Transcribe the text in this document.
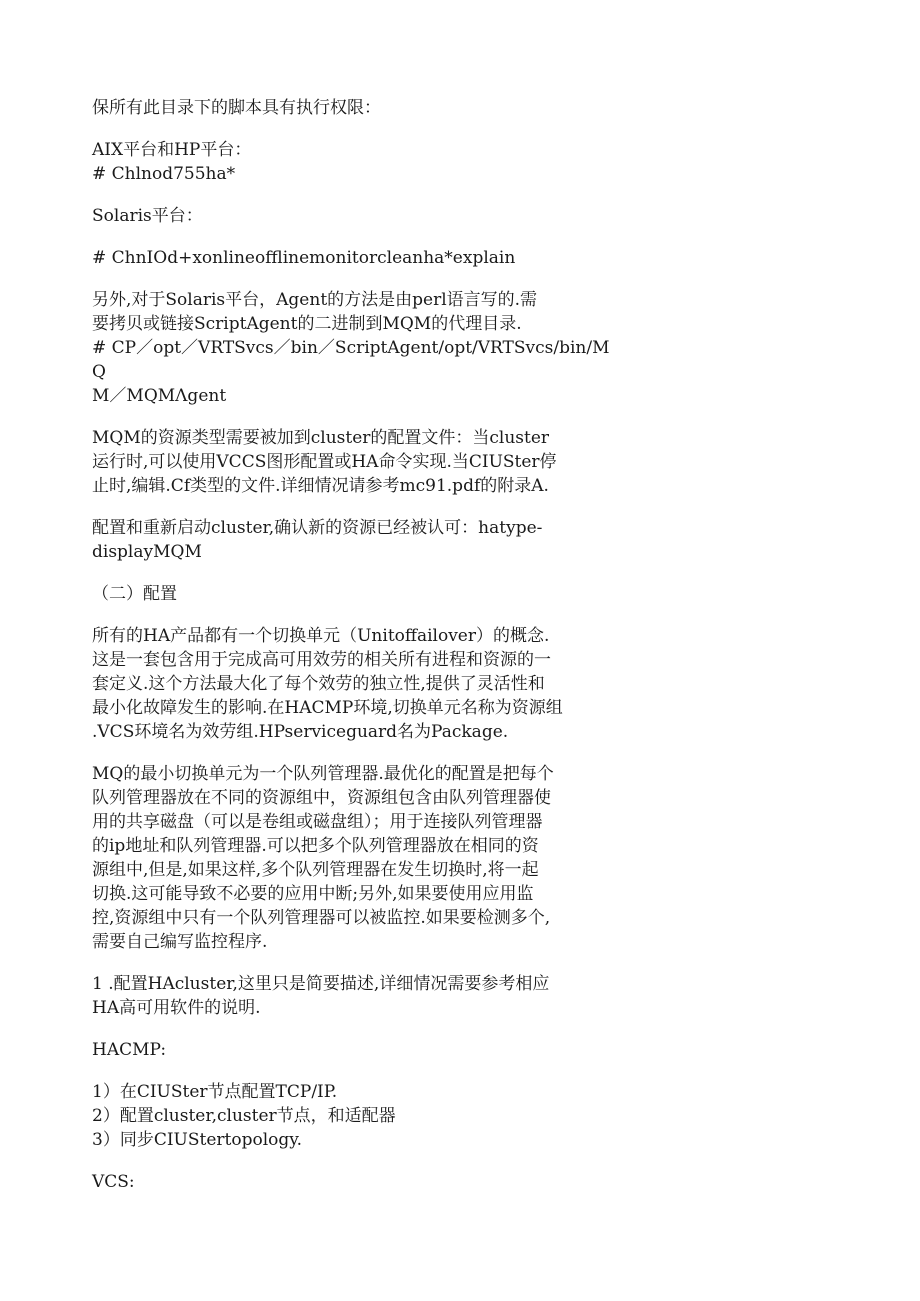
保所有此目录下的脚本具有执行权限：

AIX平台和HP平台：
# Chlnod755ha*

Solaris平台：

# ChnIOd+xonlineofflinemonitorcleanha*explain

另外,对于Solaris平台，Agent的方法是由perl语言写的.需
要拷贝或链接ScriptAgent的二进制到MQM的代理目录.
# CP／opt／VRTSvcs／bin／ScriptAgent/opt/VRTSvcs/bin/MQ
M／MQMΛgent

MQM的资源类型需要被加到cluster的配置文件：当cluster
运行时,可以使用VCCS图形配置或HA命令实现.当CIUSter停
止时,编辑.Cf类型的文件.详细情况请参考mc91.pdf的附录A.

配置和重新启动cluster,确认新的资源已经被认可：hatype-
displayMQM

（二）配置

所有的HA产品都有一个切换单元（Unitoffailover）的概念.
这是一套包含用于完成高可用效劳的相关所有进程和资源的一
套定义.这个方法最大化了每个效劳的独立性,提供了灵活性和
最小化故障发生的影响.在HACMP环境,切换单元名称为资源组
.VCS环境名为效劳组.HPserviceguard名为Package.

MQ的最小切换单元为一个队列管理器.最优化的配置是把每个
队列管理器放在不同的资源组中，资源组包含由队列管理器使
用的共享磁盘（可以是卷组或磁盘组）；用于连接队列管理器
的ip地址和队列管理器.可以把多个队列管理器放在相同的资
源组中,但是,如果这样,多个队列管理器在发生切换时,将一起
切换.这可能导致不必要的应用中断;另外,如果要使用应用监
控,资源组中只有一个队列管理器可以被监控.如果要检测多个,
需要自己编写监控程序.

1 .配置HAcluster,这里只是简要描述,详细情况需要参考相应
HA高可用软件的说明.

HACMP:

1）在CIUSter节点配置TCP/IP.
2）配置cluster,cluster节点，和适配器
3）同步CIUStertopology.

VCS:
